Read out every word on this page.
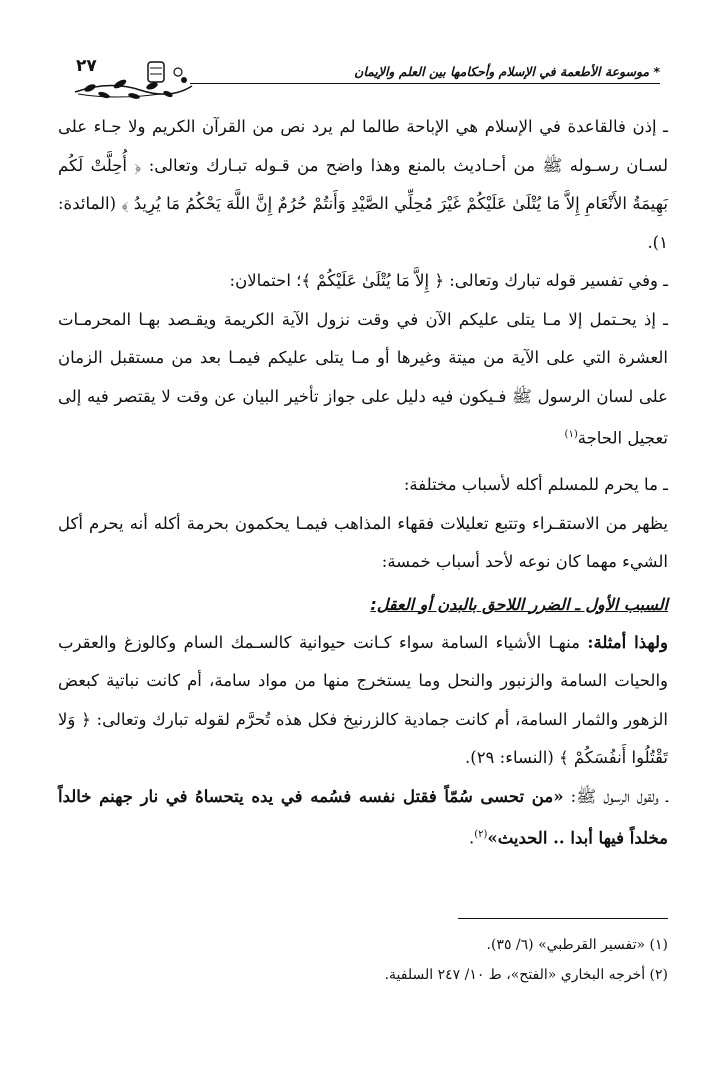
* موسوعة الأطعمة في الإسلام وأحكامها بين العلم والإيمان
٢٧

ـ إذن فالقاعدة في الإسلام هي الإباحة طالما لم يرد نص من القرآن الكريم ولا جـاء على لسـان رسـوله ﷺ من أحـاديث بالمنع وهذا واضح من قـوله تبـارك وتعالى: ﴿ أُحِلَّتْ لَكُم بَهِيمَةُ الأَنْعَامِ إِلاَّ مَا يُتْلَىٰ عَلَيْكُمْ غَيْرَ مُحِلِّي الصَّيْدِ وَأَنتُمْ حُرُمٌ إِنَّ اللَّهَ يَحْكُمُ مَا يُرِيدُ ﴾ (المائدة: ١).

ـ وفي تفسير قوله تبارك وتعالى: ﴿ إِلاَّ مَا يُتْلَىٰ عَلَيْكُمْ ﴾؛ احتمالان:

ـ إذ يحـتمل إلا مـا يتلى عليكم الآن في وقت نزول الآية الكريمة ويقـصد بهـا المحرمـات العشرة التي على الآية من ميتة وغيرها أو مـا يتلى عليكم فيمـا بعد من مستقبل الزمان على لسان الرسول ﷺ فـيكون فيه دليل على جواز تأخير البيان عن وقت لا يقتصر فيه إلى تعجيل الحاجة$^{(١)}$

ـ ما يحرم للمسلم أكله لأسباب مختلفة:

يظهر من الاستقـراء وتتبع تعليلات فقهاء المذاهب فيمـا يحكمون بحرمة أكله أنه يحرم أكل الشيء مهما كان نوعه لأحد أسباب خمسة:

السبب الأول ـ الضرر اللاحق بالبدن أو العقل:

ولهذا أمثلة: منهـا الأشياء السامة سواء كـانت حيوانية كالسـمك السام وكالوزغ والعقرب والحيات السامة والزنبور والنحل وما يستخرج منها من مواد سامة، أم كانت نباتية كبعض الزهور والثمار السامة، أم كانت جمادية كالزرنيخ فكل هذه تُحرَّم لقوله تبارك وتعالى: ﴿ وَلا تَقْتُلُوا أَنفُسَكُمْ ﴾ (النساء: ٢٩).

ـ ولقول الرسول ﷺ: «من تحسى سُمّاً فقتل نفسه فسُمه في يده يتحساهُ في نار جهنم خالداً مخلداً فيها أبدا .. الحديث»$^{(٢)}$.

(١) «تفسير القرطبي» (٦/ ٣٥).

(٢) أخرجه البخاري «الفتح»، ط ١٠/ ٢٤٧ السلفية.
